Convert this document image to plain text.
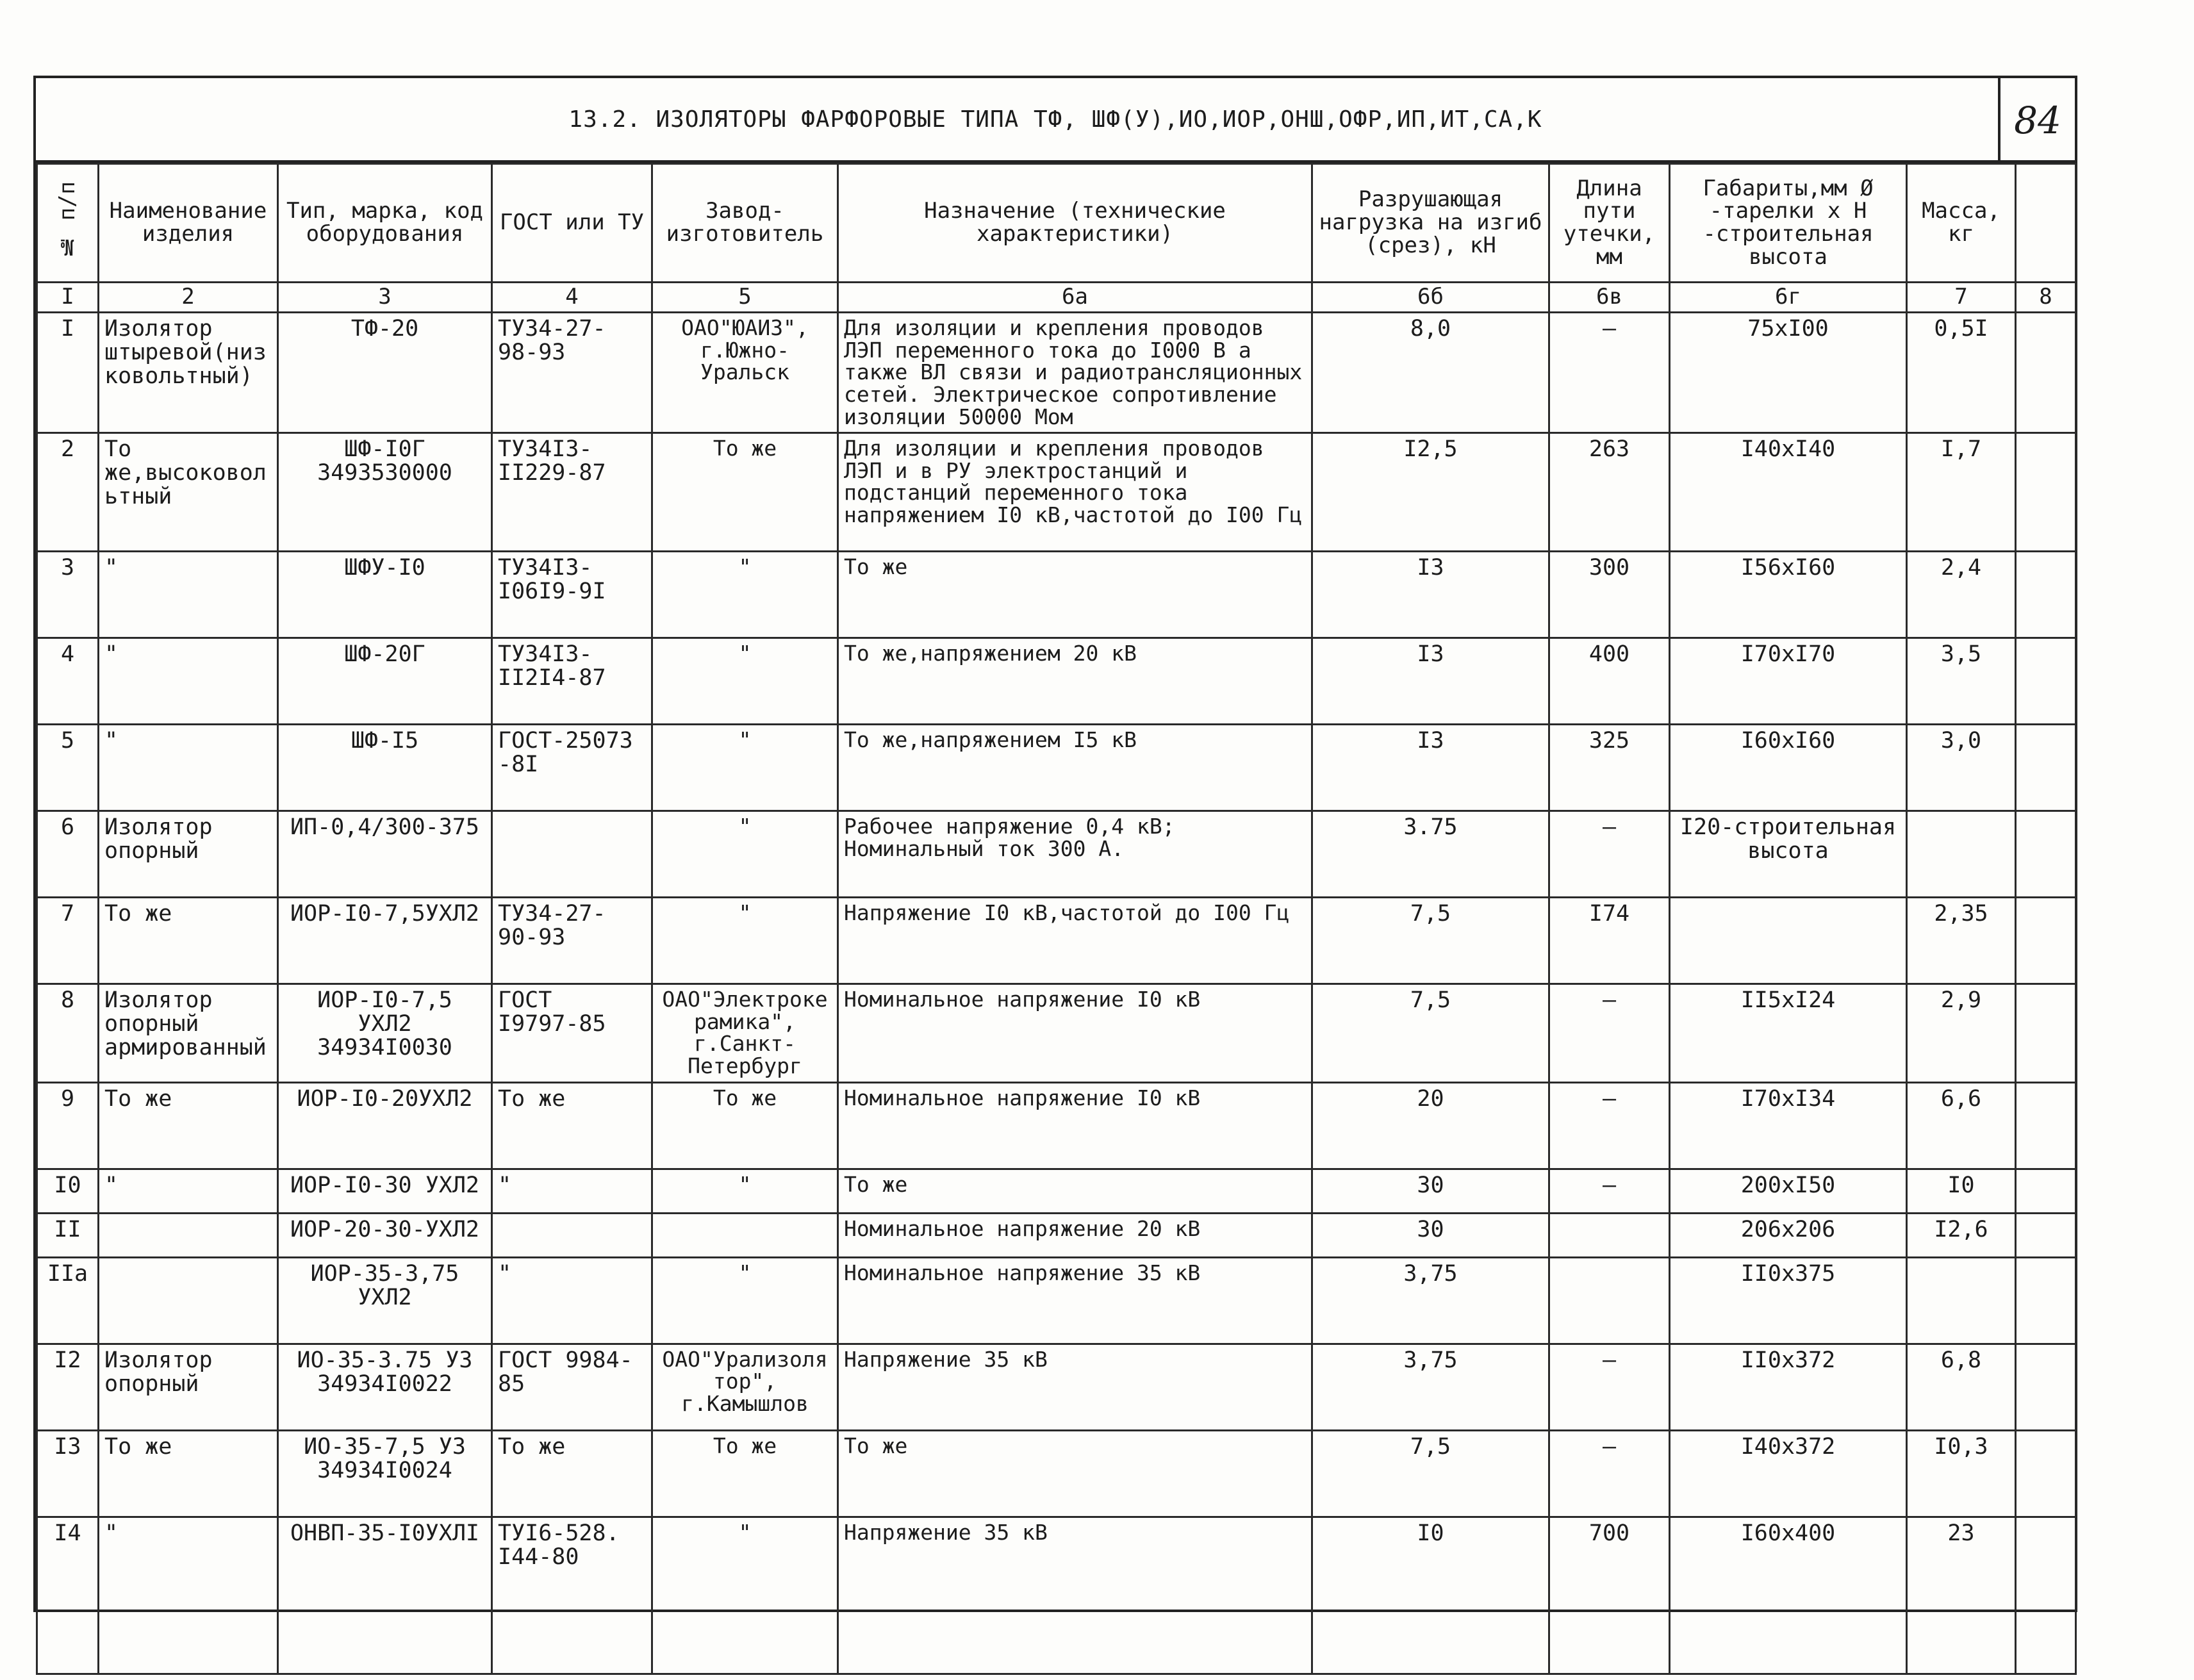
13.2. ИЗОЛЯТОРЫ ФАРФОРОВЫЕ ТИПА ТФ, ШФ(У),ИО,ИОР,ОНШ,ОФР,ИП,ИТ,СА,К	84
№ п/п	Наименование изделия	Тип, марка, код оборудования	ГОСТ или ТУ	Завод-изготовитель	Назначение (технические характеристики)	Разрушающая нагрузка на изгиб (срез), кН	Длина пути утечки, мм	Габариты,мм Ø -тарелки х Н -строительная высота	Масса, кг	
I	2	3	4	5	6а	6б	6в	6г	7	8
I	Изолятор штыревой(низковольтный)	ТФ-20	ТУ34-27-98-93	ОАО"ЮАИЗ", г.Южно-Уральск	Для изоляции и крепления проводов ЛЭП переменного тока до I000 В а также ВЛ связи и радиотрансляционных сетей. Электрическое сопротивление изоляции 50000 Мом	8,0	–	75хI00	0,5I	
2	То же,высоковольтный	ШФ-I0Г 3493530000	ТУ34I3-II229-87	То же	Для изоляции и крепления проводов ЛЭП и в РУ электростанций и подстанций переменного тока напряжением I0 кВ,частотой до I00 Гц	I2,5	263	I40хI40	I,7	
3	"	ШФУ-I0	ТУ34I3-I06I9-9I	"	То же	I3	300	I56хI60	2,4	
4	"	ШФ-20Г	ТУ34I3-II2I4-87	"	То же,напряжением 20 кВ	I3	400	I70хI70	3,5	
5	"	ШФ-I5	ГОСТ-25073-8I	"	То же,напряжением I5 кВ	I3	325	I60хI60	3,0	
6	Изолятор опорный	ИП-0,4/300-375		"	Рабочее напряжение 0,4 кВ; Номинальный ток 300 А.	3.75	–	I20-строительная высота		
7	То же	ИОР-I0-7,5УХЛ2	ТУ34-27-90-93	"	Напряжение I0 кВ,частотой до I00 Гц	7,5	I74		2,35	
8	Изолятор опорный армированный	ИОР-I0-7,5 УХЛ2 34934I0030	ГОСТ I9797-85	ОАО"Электрокерамика", г.Санкт-Петербург	Номинальное напряжение I0 кВ	7,5	–	II5хI24	2,9	
9	То же	ИОР-I0-20УХЛ2	То же	То же	Номинальное напряжение I0 кВ	20	–	I70хI34	6,6	
I0	"	ИОР-I0-30 УХЛ2	"	"	То же	30	–	200хI50	I0	
II		ИОР-20-30-УХЛ2			Номинальное напряжение 20 кВ	30		206х206	I2,6	
IIа		ИОР-35-3,75 УХЛ2	"	"	Номинальное напряжение 35 кВ	3,75		II0х375		
I2	Изолятор опорный	ИО-35-3.75 УЗ 34934I0022	ГОСТ 9984-85	ОАО"Урализолятор", г.Камышлов	Напряжение 35 кВ	3,75	–	II0х372	6,8	
I3	То же	ИО-35-7,5 УЗ 34934I0024	То же	То же	То же	7,5	–	I40х372	I0,3	
I4	"	ОНВП-35-I0УХЛI	ТУI6-528. I44-80	"	Напряжение 35 кВ	I0	700	I60х400	23	
